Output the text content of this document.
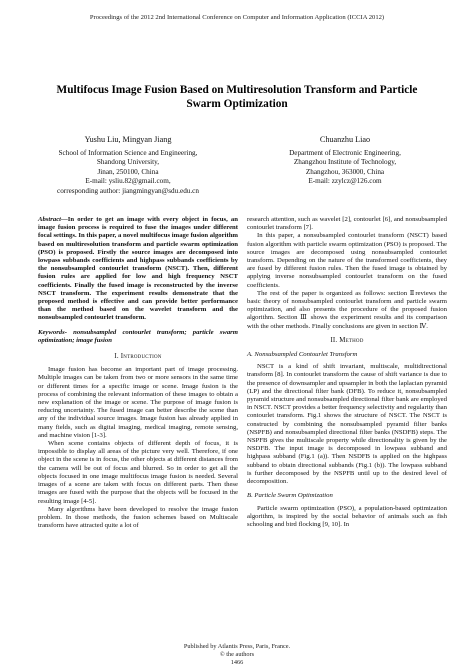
Proceedings of the 2012 2nd International Conference on Computer and Information Application (ICCIA 2012)
Multifocus Image Fusion Based on Multiresolution Transform and Particle Swarm Optimization
Yushu Liu, Mingyan Jiang
School of Information Science and Engineering,
Shandong University,
Jinan, 250100, China
E-mail: ysliu.82@gmail.com,
corresponding author: jiangmingyan@sdu.edu.cn
Chuanzhu Liao
Department of Electronic Engineering,
Zhangzhou Institute of Technology,
Zhangzhou, 363000, China
E-mail: zzylcz@126.com

Abstract—In order to get an image with every object in focus, an image fusion process is required to fuse the images under different focal settings. In this paper, a novel multifocus image fusion algorithm based on multiresolution transform and particle swarm optimization (PSO) is proposed. Firstly the source images are decomposed into lowpass subbands coefficients and highpass subbands coefficients by the nonsubsampled contourlet transform (NSCT). Then, different fusion rules are applied for low and high frequency NSCT coefficients. Finally the fused image is reconstructed by the inverse NSCT transform. The experiment results demonstrate that the proposed method is effective and can provide better performance than the method based on the wavelet transform and the nonsubsampled contourlet transform.

Keywords- nonsubsampled contourlet transform; particle swarm optimization; image fusion

I. Introduction

Image fusion has become an important part of image processing. Multiple images can be taken from two or more sensors in the same time or different times for a specific image or scene. Image fusion is the process of combining the relevant information of these images to obtain a new explanation of the image or scene. The purpose of image fusion is reducing uncertainty. The fused image can better describe the scene than any of the individual source images. Image fusion has already applied in many fields, such as digital imaging, medical imaging, remote sensing, and machine vision [1-3].

When scene contains objects of different depth of focus, it is impossible to display all areas of the picture very well. Therefore, if one object in the scene is in focus, the other objects at different distances from the camera will be out of focus and blurred. So in order to get all the objects focused in one image multifocus image fusion is needed. Several images of a scene are taken with focus on different parts. Then these images are fused with the purpose that the objects will be focused in the resulting image [4-5].

Many algorithms have been developed to resolve the image fusion problem. In those methods, the fusion schemes based on Multiscale transform have attracted quite a lot of

research attention, such as wavelet [2], contourlet [6], and nonsubsampled contourlet transform [7].

In this paper, a nonsubsampled contourlet transform (NSCT) based fusion algorithm with particle swarm optimization (PSO) is proposed. The source images are decomposed using nonsubsampled contourlet transform. Depending on the nature of the transformed coefficients, they are fused by different fusion rules. Then the fused image is obtained by applying inverse nonsubsampled contourlet transform on the fused coefficients.

The rest of the paper is organized as follows: section Ⅱreviews the basic theory of nonsubsampled contourlet transform and particle swarm optimization, and also presents the procedure of the proposed fusion algorithm. Section Ⅲ shows the experiment results and its comparison with the other methods. Finally conclusions are given in section Ⅳ.

II. Method
A. Nonsubsampled Contourlet Transform

NSCT is a kind of shift invariant, multiscale, multidirectional transform [8]. In contourlet transform the cause of shift variance is due to the presence of downsampler and upsampler in both the laplacian pyramid (LP) and the directional filter bank (DFB). To reduce it, nonsubsampled pyramid structure and nonsubsampled directional filter bank are employed in NSCT. NSCT provides a better frequency selectivity and regularity than contourlet transform. Fig.1 shows the structure of NSCT. The NSCT is constructed by combining the nonsubsampled pyramid filter banks (NSPFB) and nonsubsampled directional filter banks (NSDFB) steps. The NSPFB gives the multiscale property while directionality is given by the NSDFB. The input image is decomposed in lowpass subband and highpass subband (Fig.1 (a)). Then NSDFB is applied on the highpass subband to obtain directional subbands (Fig.1 (b)). The lowpass subband is further decomposed by the NSPFB until up to the desired level of decomposition.

B. Particle Swarm Optimization

Particle swarm optimization (PSO), a population-based optimization algorithm, is inspired by the social behavior of animals such as fish schooling and bird flocking [9, 10]. In

Published by Atlantis Press, Paris, France.
© the authors
1466
